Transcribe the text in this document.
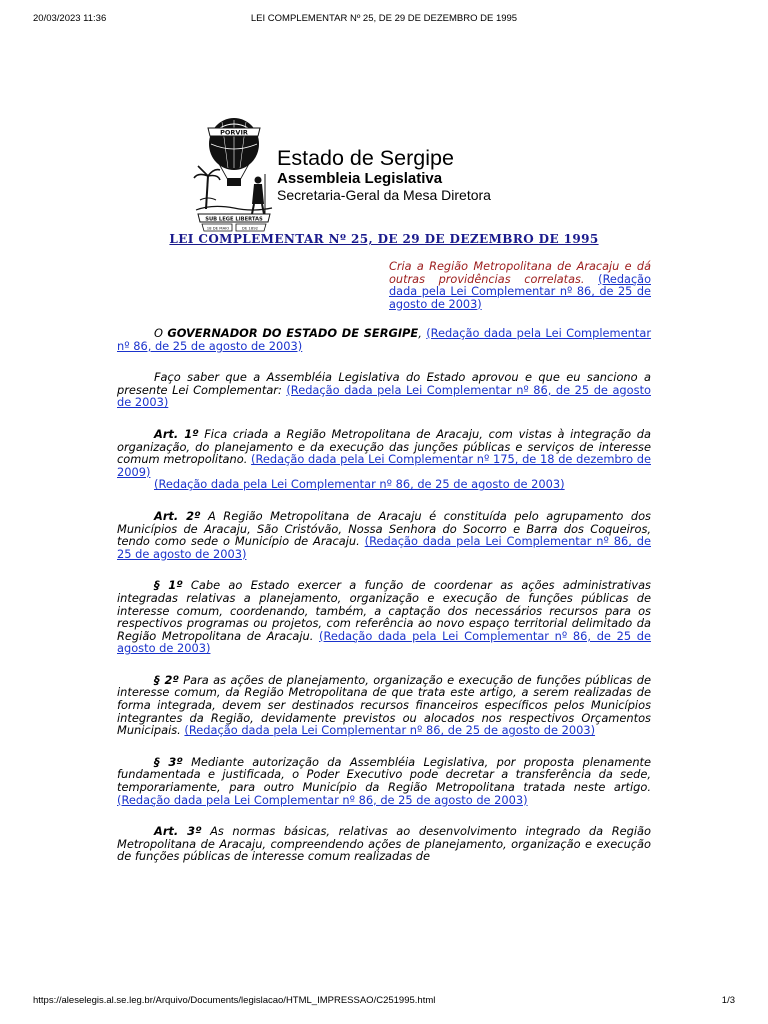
20/03/2023 11:36	LEI COMPLEMENTAR Nº 25, DE 29 DE DEZEMBRO DE 1995
PORVIR
SUB LEGE LIBERTAS
18 DE MAIO	DE 1892
Estado de Sergipe
Assembleia Legislativa
Secretaria-Geral da Mesa Diretora
LEI COMPLEMENTAR Nº 25, DE 29 DE DEZEMBRO DE 1995
Cria a Região Metropolitana de Aracaju e dá outras providências correlatas. (Redação dada pela Lei Complementar nº 86, de 25 de agosto de 2003)

O GOVERNADOR DO ESTADO DE SERGIPE, (Redação dada pela Lei Complementar nº 86, de 25 de agosto de 2003)

Faço saber que a Assembléia Legislativa do Estado aprovou e que eu sanciono a presente Lei Complementar: (Redação dada pela Lei Complementar nº 86, de 25 de agosto de 2003)

Art. 1º Fica criada a Região Metropolitana de Aracaju, com vistas à integração da organização, do planejamento e da execução das junções públicas e serviços de interesse comum metropolitano. (Redação dada pela Lei Complementar nº 175, de 18 de dezembro de 2009)
(Redação dada pela Lei Complementar nº 86, de 25 de agosto de 2003)

Art. 2º A Região Metropolitana de Aracaju é constituída pelo agrupamento dos Municípios de Aracaju, São Cristóvão, Nossa Senhora do Socorro e Barra dos Coqueiros, tendo como sede o Município de Aracaju. (Redação dada pela Lei Complementar nº 86, de 25 de agosto de 2003)

§ 1º Cabe ao Estado exercer a função de coordenar as ações administrativas integradas relativas a planejamento, organização e execução de funções públicas de interesse comum, coordenando, também, a captação dos necessários recursos para os respectivos programas ou projetos, com referência ao novo espaço territorial delimitado da Região Metropolitana de Aracaju. (Redação dada pela Lei Complementar nº 86, de 25 de agosto de 2003)

§ 2º Para as ações de planejamento, organização e execução de funções públicas de interesse comum, da Região Metropolitana de que trata este artigo, a serem realizadas de forma integrada, devem ser destinados recursos financeiros específicos pelos Municípios integrantes da Região, devidamente previstos ou alocados nos respectivos Orçamentos Municipais. (Redação dada pela Lei Complementar nº 86, de 25 de agosto de 2003)

§ 3º Mediante autorização da Assembléia Legislativa, por proposta plenamente fundamentada e justificada, o Poder Executivo pode decretar a transferência da sede, temporariamente, para outro Município da Região Metropolitana tratada neste artigo. (Redação dada pela Lei Complementar nº 86, de 25 de agosto de 2003)

Art. 3º As normas básicas, relativas ao desenvolvimento integrado da Região Metropolitana de Aracaju, compreendendo ações de planejamento, organização e execução de funções públicas de interesse comum realizadas de

https://aleselegis.al.se.leg.br/Arquivo/Documents/legislacao/HTML_IMPRESSAO/C251995.html	1/3
